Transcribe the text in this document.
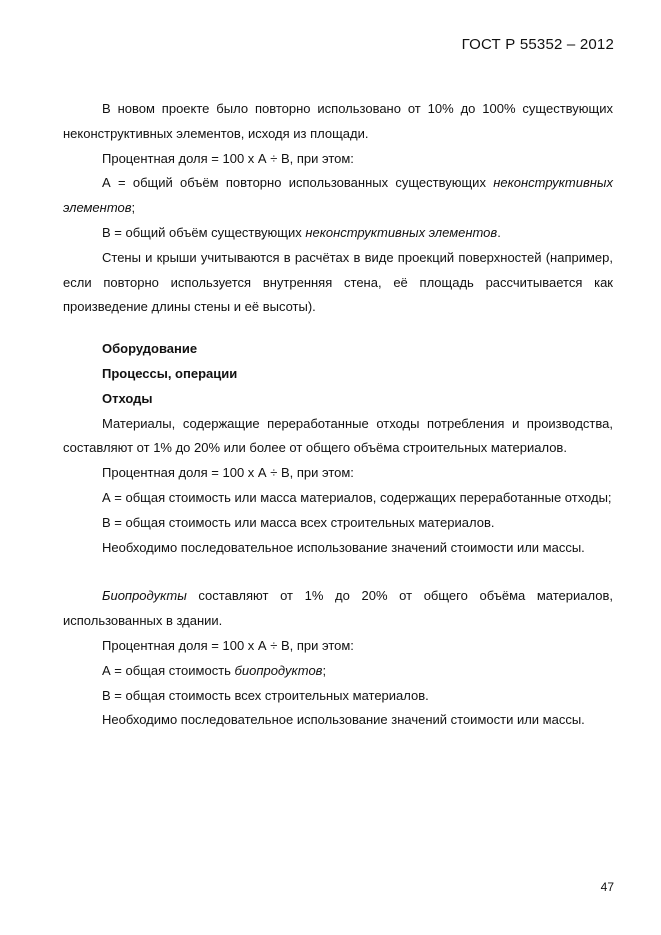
ГОСТ Р 55352 – 2012

В новом проекте было повторно использовано от 10% до 100% существующих неконструктивных элементов, исходя из площади.

Процентная доля = 100 х А ÷ В, при этом:

А = общий объём повторно использованных существующих неконструктивных элементов;

В = общий объём существующих неконструктивных элементов.

Стены и крыши учитываются в расчётах в виде проекций поверхностей (например, если повторно используется внутренняя стена, её площадь рассчитывается как произведение длины стены и её высоты).

Оборудование

Процессы, операции

Отходы

Материалы, содержащие переработанные отходы потребления и производства, составляют от 1% до 20% или более от общего объёма строительных материалов.

Процентная доля = 100 х А ÷ В, при этом:

А = общая стоимость или масса материалов, содержащих переработанные отходы;

В = общая стоимость или масса всех строительных материалов.

Необходимо последовательное использование значений стоимости или массы.

Биопродукты составляют от 1% до 20% от общего объёма материалов, использованных в здании.

Процентная доля = 100 х А ÷ В, при этом:

А = общая стоимость биопродуктов;

В = общая стоимость всех строительных материалов.

Необходимо последовательное использование значений стоимости или массы.

47
